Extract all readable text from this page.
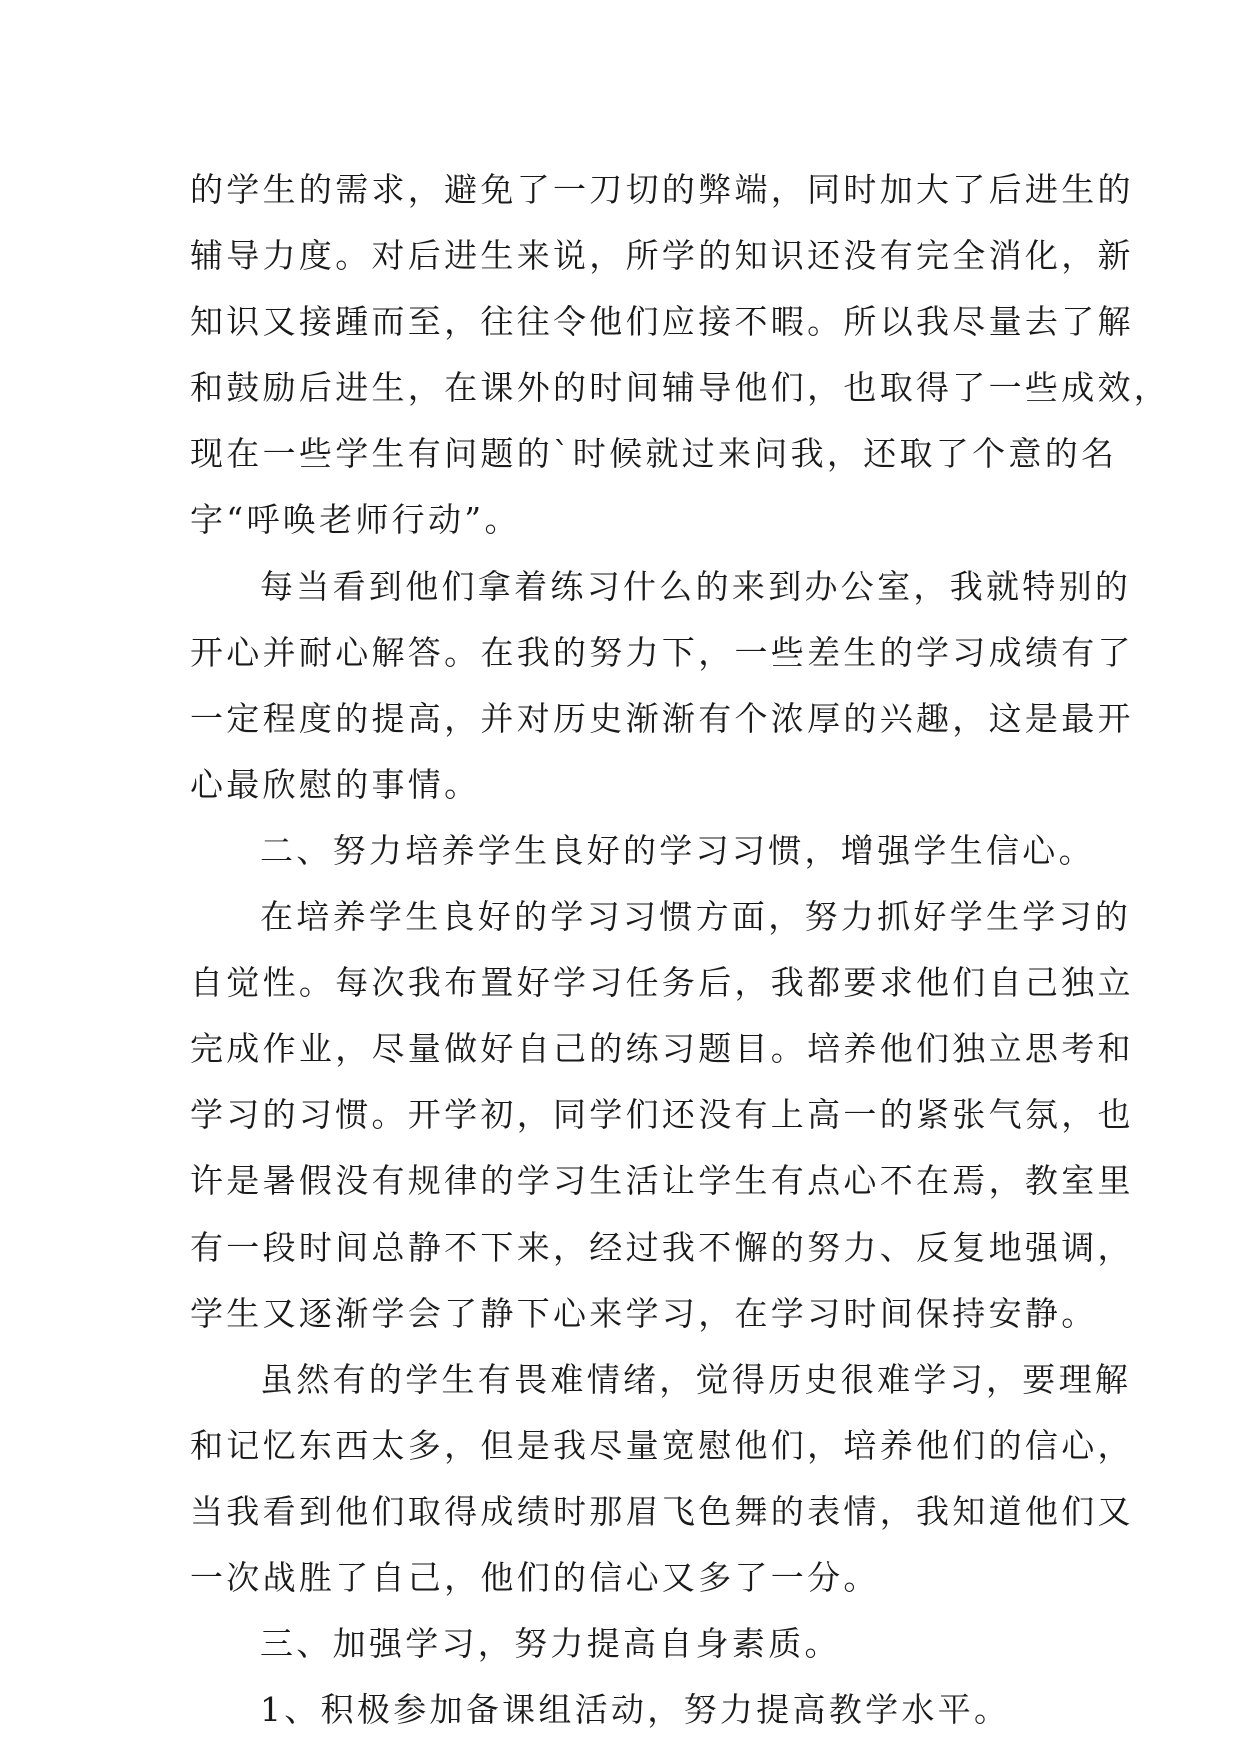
的学生的需求，避免了一刀切的弊端，同时加大了后进生的
辅导力度。对后进生来说，所学的知识还没有完全消化，新
知识又接踵而至，往往令他们应接不暇。所以我尽量去了解
和鼓励后进生，在课外的时间辅导他们，也取得了一些成效，
现在一些学生有问题的`时候就过来问我，还取了个意的名
字“呼唤老师行动”。
每当看到他们拿着练习什么的来到办公室，我就特别的
开心并耐心解答。在我的努力下，一些差生的学习成绩有了
一定程度的提高，并对历史渐渐有个浓厚的兴趣，这是最开
心最欣慰的事情。
二、努力培养学生良好的学习习惯，增强学生信心。
在培养学生良好的学习习惯方面，努力抓好学生学习的
自觉性。每次我布置好学习任务后，我都要求他们自己独立
完成作业，尽量做好自己的练习题目。培养他们独立思考和
学习的习惯。开学初，同学们还没有上高一的紧张气氛，也
许是暑假没有规律的学习生活让学生有点心不在焉，教室里
有一段时间总静不下来，经过我不懈的努力、反复地强调，
学生又逐渐学会了静下心来学习，在学习时间保持安静。
虽然有的学生有畏难情绪，觉得历史很难学习，要理解
和记忆东西太多，但是我尽量宽慰他们，培养他们的信心，
当我看到他们取得成绩时那眉飞色舞的表情，我知道他们又
一次战胜了自己，他们的信心又多了一分。
三、加强学习，努力提高自身素质。
1、积极参加备课组活动，努力提高教学水平。
